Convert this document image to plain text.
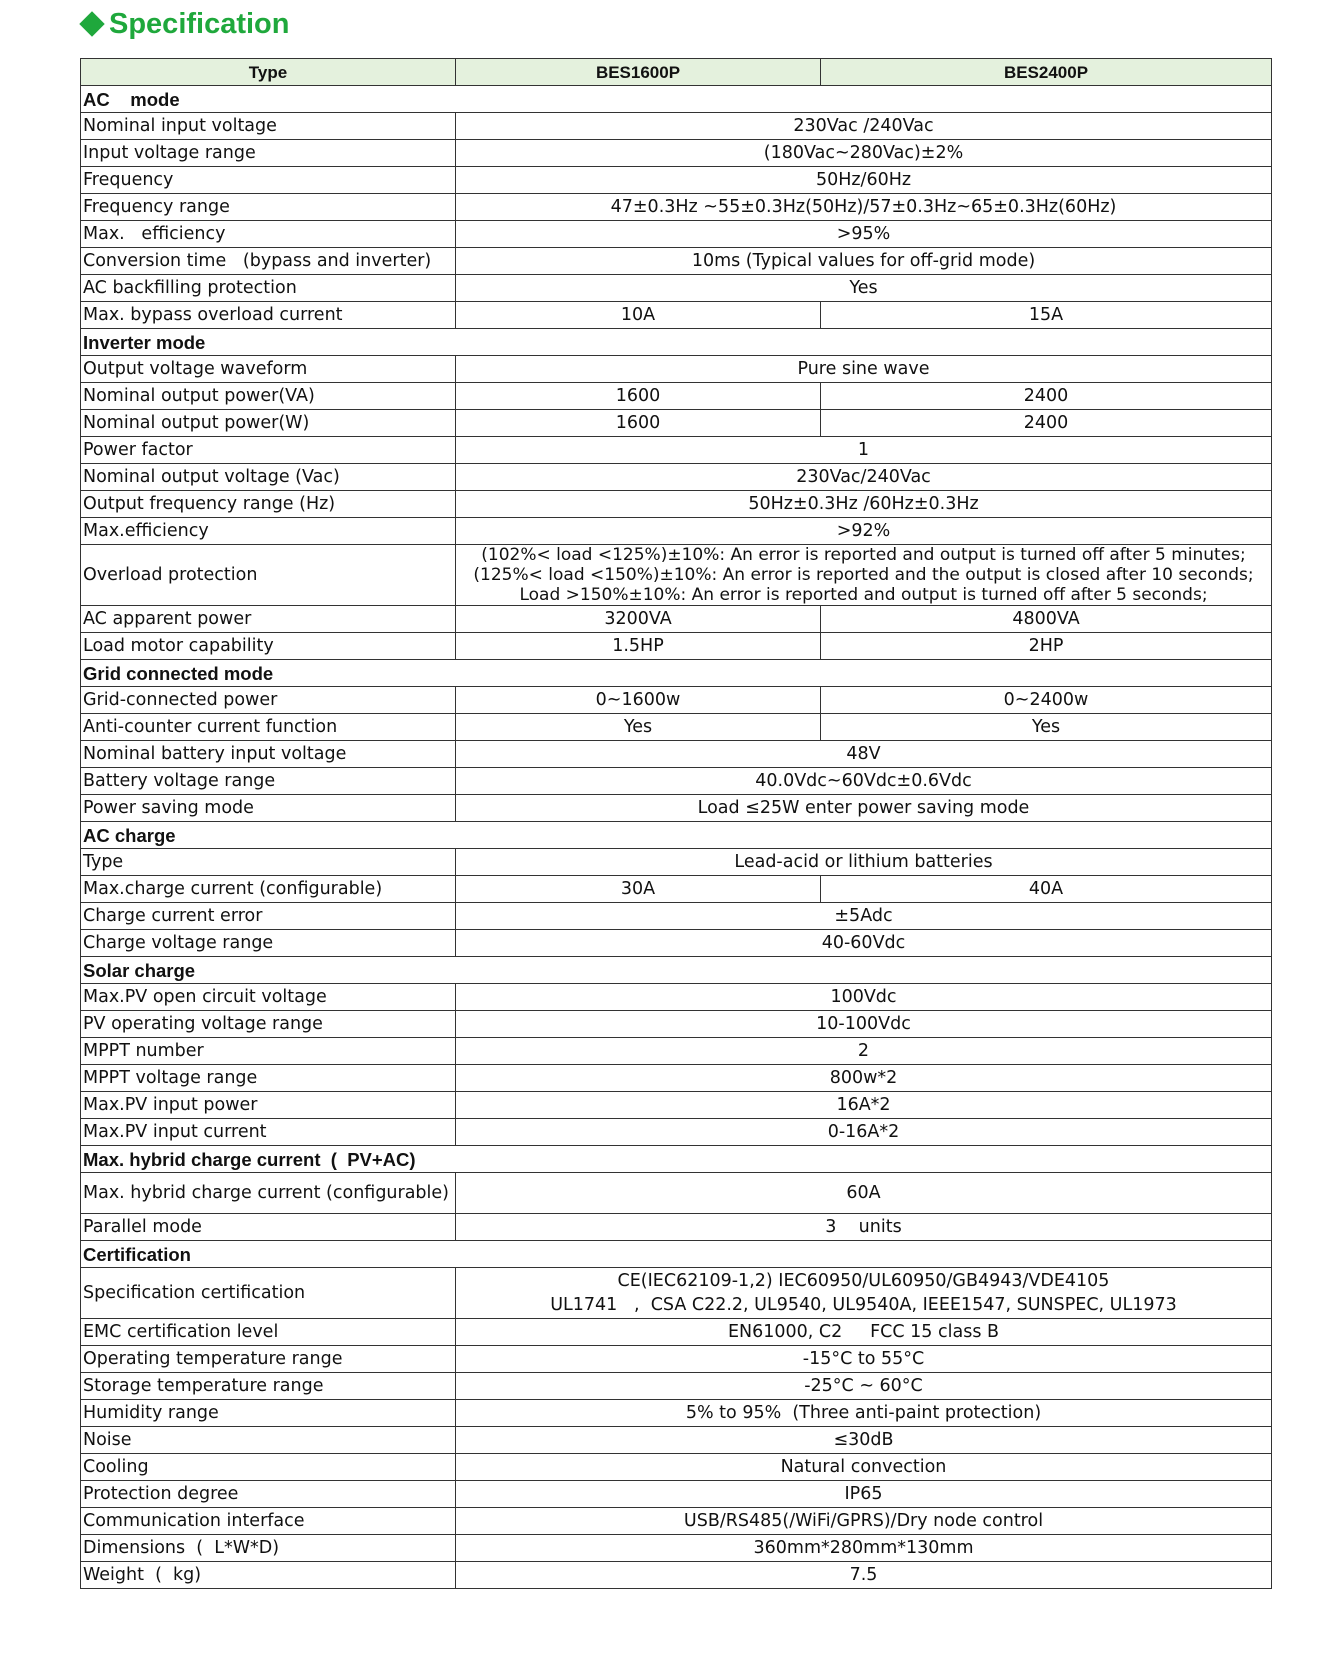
Specification
Type	BES1600P	BES2400P
AC    mode		
Nominal input voltage	230Vac /240Vac	
Input voltage range	(180Vac~280Vac)±2%	
Frequency	50Hz/60Hz	
Frequency range	47±0.3Hz ~55±0.3Hz(50Hz)/57±0.3Hz~65±0.3Hz(60Hz)	
Max.   efficiency	>95%	
Conversion time   (bypass and inverter)	10ms (Typical values for off-grid mode)	
AC backfilling protection	Yes	
Max. bypass overload current	10A	15A
Inverter mode		
Output voltage waveform	Pure sine wave	
Nominal output power(VA)	1600	2400
Nominal output power(W)	1600	2400
Power factor	1	
Nominal output voltage (Vac)	230Vac/240Vac	
Output frequency range (Hz)	50Hz±0.3Hz /60Hz±0.3Hz	
Max.efficiency	>92%	
Overload protection	(102%< load <125%)±10%: An error is reported and output is turned off after 5 minutes;
(125%< load <150%)±10%: An error is reported and the output is closed after 10 seconds;
Load >150%±10%: An error is reported and output is turned off after 5 seconds;	

AC apparent power	3200VA	4800VA
Load motor capability	1.5HP	2HP
Grid connected mode		
Grid-connected power	0~1600w	0~2400w
Anti-counter current function	Yes	Yes
Nominal battery input voltage	48V	
Battery voltage range	40.0Vdc~60Vdc±0.6Vdc	
Power saving mode	Load ≤25W enter power saving mode	
AC charge		
Type	Lead-acid or lithium batteries	
Max.charge current (configurable)	30A	40A
Charge current error	±5Adc	
Charge voltage range	40-60Vdc	
Solar charge		
Max.PV open circuit voltage	100Vdc	
PV operating voltage range	10-100Vdc	
MPPT number	2	
MPPT voltage range	800w*2	
Max.PV input power	16A*2	
Max.PV input current	0-16A*2	
Max. hybrid charge current  (  PV+AC)		
Max. hybrid charge current (configurable)	60A	
Parallel mode	3    units	
Certification		
Specification certification	CE(IEC62109-1,2) IEC60950/UL60950/GB4943/VDE4105
UL1741   ,  CSA C22.2, UL9540, UL9540A, IEEE1547, SUNSPEC, UL1973	

EMC certification level	EN61000, C2     FCC 15 class B	
Operating temperature range	-15°C to 55°C	
Storage temperature range	-25°C ~ 60°C	
Humidity range	5% to 95%  (Three anti-paint protection)	
Noise	≤30dB	
Cooling	Natural convection	
Protection degree	IP65	
Communication interface	USB/RS485(/WiFi/GPRS)/Dry node control	
Dimensions  (  L*W*D)	360mm*280mm*130mm	
Weight  (  kg)	7.5	
